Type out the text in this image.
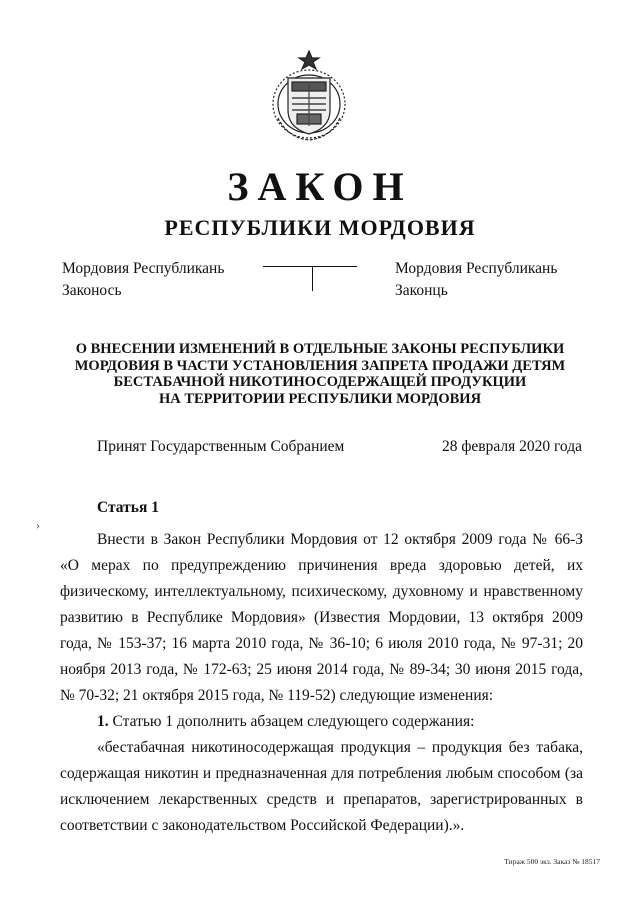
ЗАКОН
РЕСПУБЛИКИ МОРДОВИЯ
Мордовия Республикань
Законось
Мордовия Республикань
Законць
О ВНЕСЕНИИ ИЗМЕНЕНИЙ В ОТДЕЛЬНЫЕ ЗАКОНЫ РЕСПУБЛИКИ
МОРДОВИЯ В ЧАСТИ УСТАНОВЛЕНИЯ ЗАПРЕТА ПРОДАЖИ ДЕТЯМ
БЕСТАБАЧНОЙ НИКОТИНОСОДЕРЖАЩЕЙ ПРОДУКЦИИ
НА ТЕРРИТОРИИ РЕСПУБЛИКИ МОРДОВИЯ
Принят Государственным Собранием	28 февраля 2020 года
›
Статья 1

Внести в Закон Республики Мордовия от 12 октября 2009 года № 66-З «О мерах по предупреждению причинения вреда здоровью детей, их физическому, интеллектуальному, психическому, духовному и нравственному развитию в Республике Мордовия» (Известия Мордовии, 13 октября 2009 года, № 153-37; 16 марта 2010 года, № 36-10; 6 июля 2010 года, № 97-31; 20 ноября 2013 года, № 172-63; 25 июня 2014 года, № 89-34; 30 июня 2015 года, № 70-32; 21 октября 2015 года, № 119-52) следующие изменения:

1. Статью 1 дополнить абзацем следующего содержания:

«бестабачная никотиносодержащая продукция – продукция без табака, содержащая никотин и предназначенная для потребления любым способом (за исключением лекарственных средств и препаратов, зарегистрированных в соответствии с законодательством Российской Федерации).».

Тираж 500 экз. Заказ № 18517
